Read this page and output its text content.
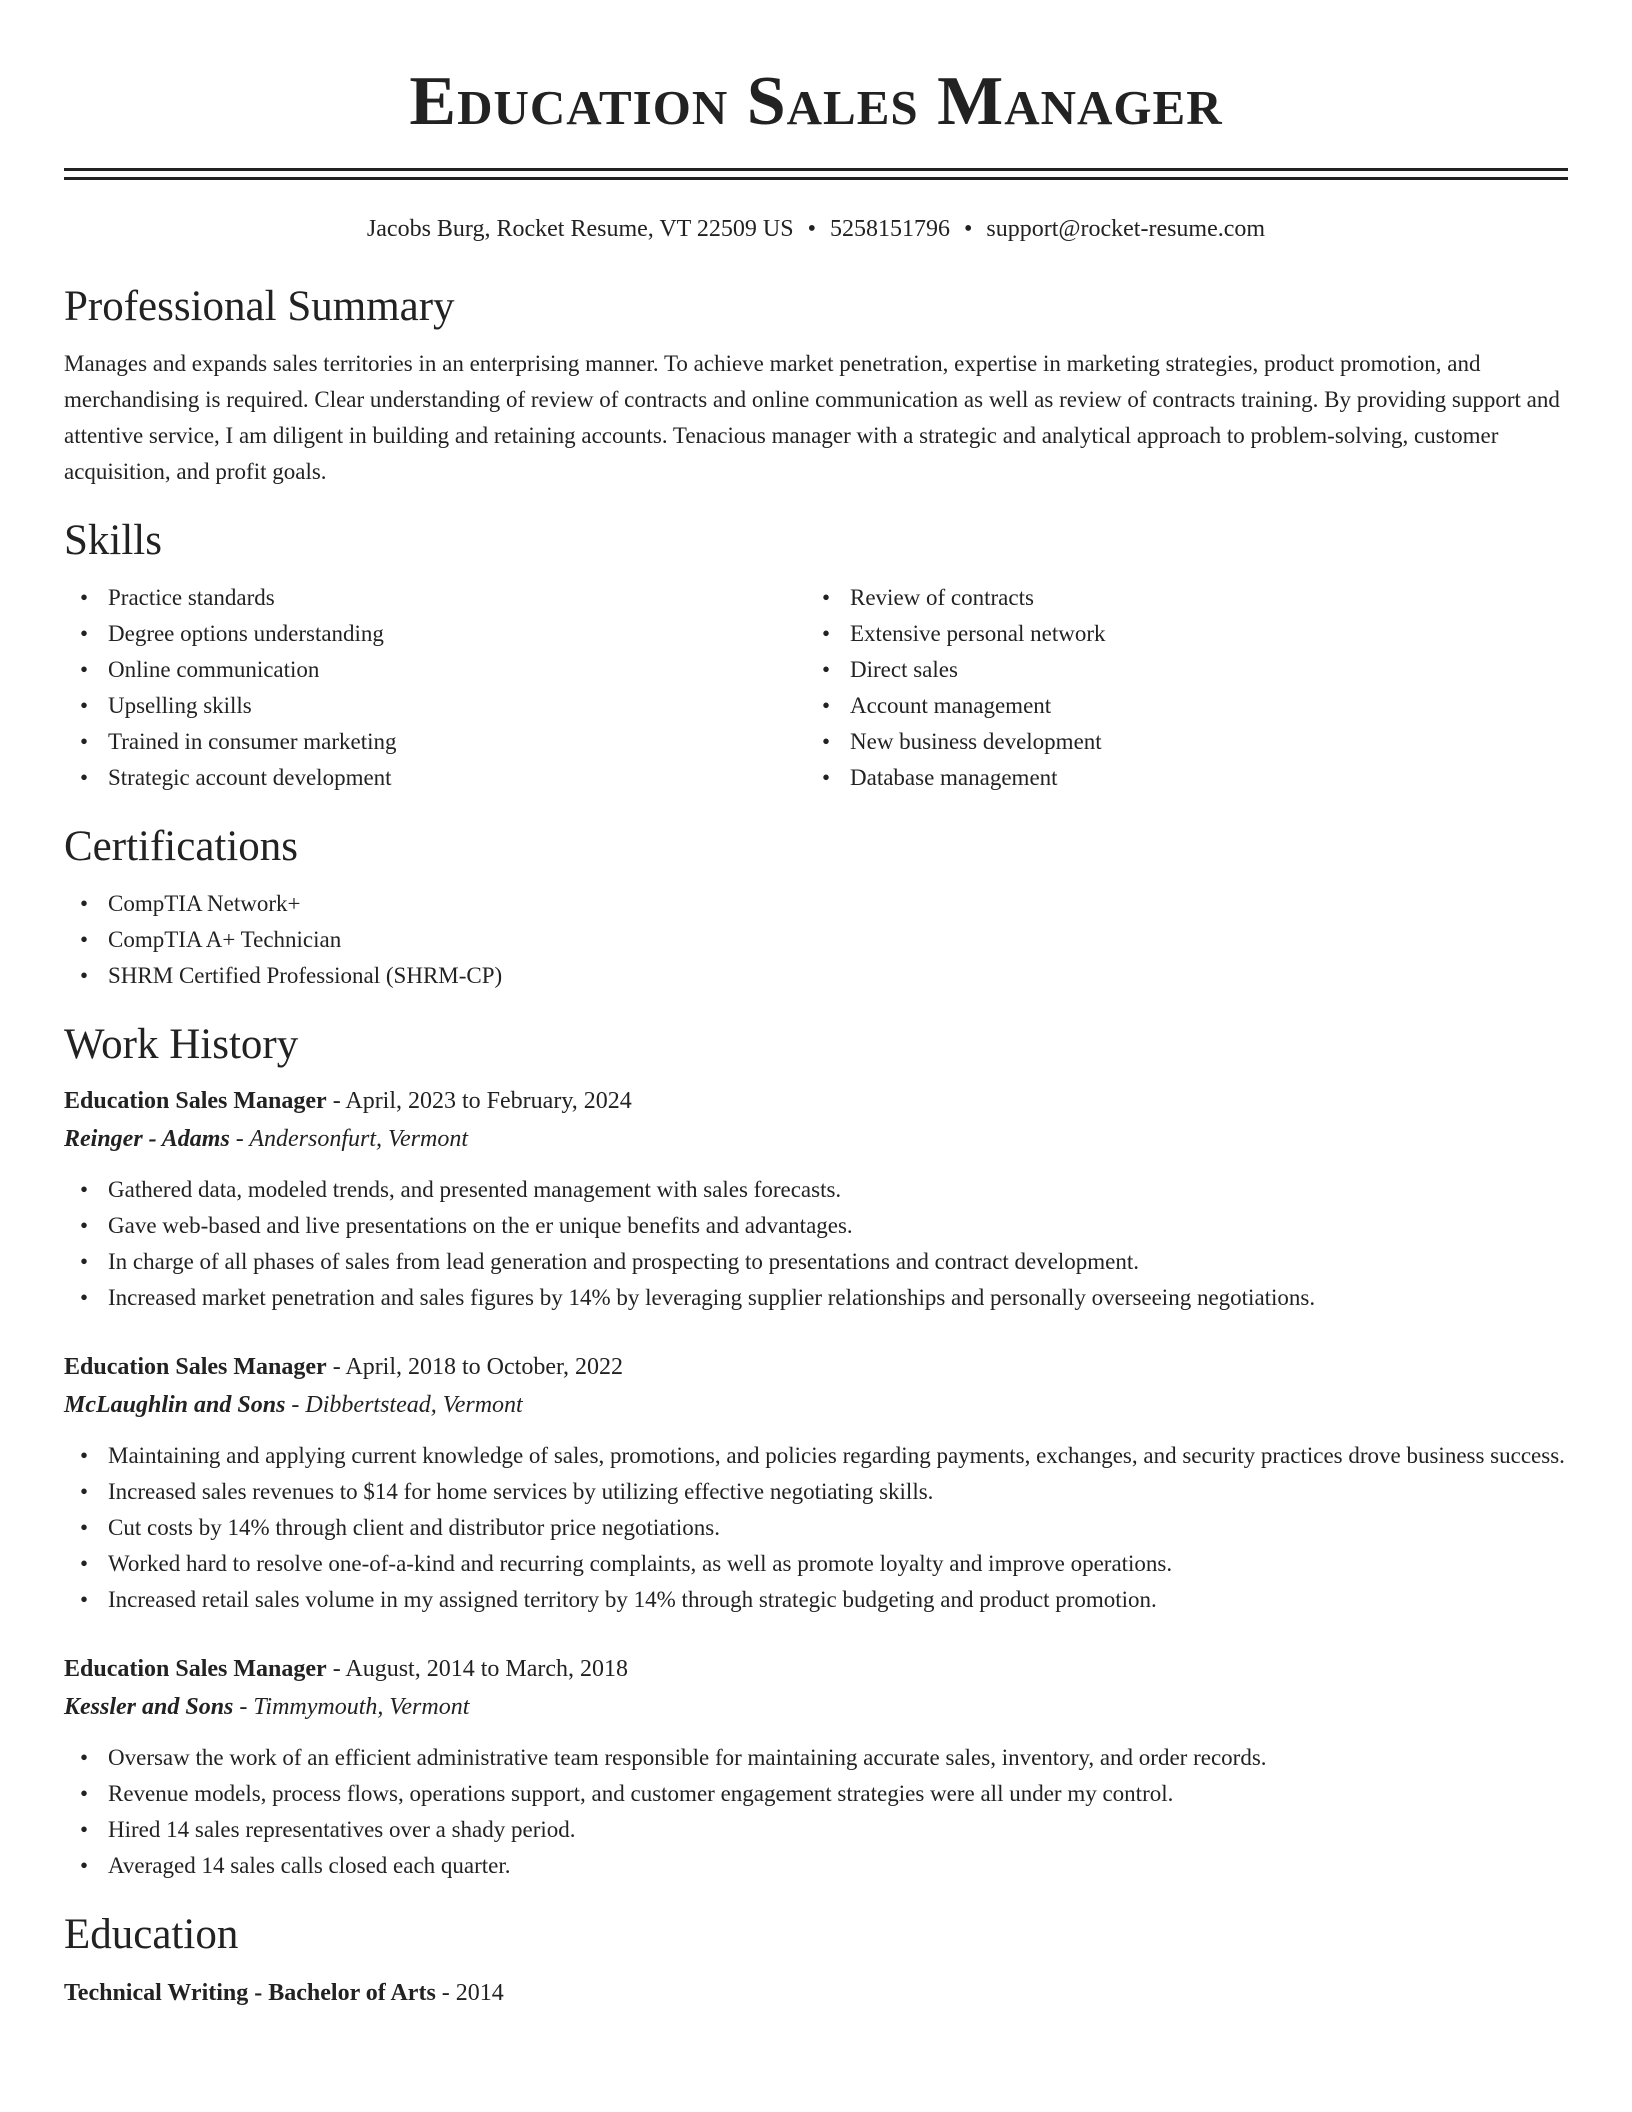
Education Sales Manager
Jacobs Burg, Rocket Resume, VT 22509 US • 5258151796 • support@rocket-resume.com
Professional Summary

Manages and expands sales territories in an enterprising manner. To achieve market penetration, expertise in marketing strategies, product promotion, and merchandising is required. Clear understanding of review of contracts and online communication as well as review of contracts training. By providing support and attentive service, I am diligent in building and retaining accounts. Tenacious manager with a strategic and analytical approach to problem-solving, customer acquisition, and profit goals.

Skills
• Practice standards
• Degree options understanding
• Online communication
• Upselling skills
• Trained in consumer marketing
• Strategic account development
• Review of contracts
• Extensive personal network
• Direct sales
• Account management
• New business development
• Database management
Certifications
• CompTIA Network+
• CompTIA A+ Technician
• SHRM Certified Professional (SHRM-CP)
Work History
Education Sales Manager - April, 2023 to February, 2024
Reinger - Adams - Andersonfurt, Vermont
• Gathered data, modeled trends, and presented management with sales forecasts.
• Gave web-based and live presentations on the er unique benefits and advantages.
• In charge of all phases of sales from lead generation and prospecting to presentations and contract development.
• Increased market penetration and sales figures by 14% by leveraging supplier relationships and personally overseeing negotiations.
Education Sales Manager - April, 2018 to October, 2022
McLaughlin and Sons - Dibbertstead, Vermont
• Maintaining and applying current knowledge of sales, promotions, and policies regarding payments, exchanges, and security practices drove business success.
• Increased sales revenues to $14 for home services by utilizing effective negotiating skills.
• Cut costs by 14% through client and distributor price negotiations.
• Worked hard to resolve one-of-a-kind and recurring complaints, as well as promote loyalty and improve operations.
• Increased retail sales volume in my assigned territory by 14% through strategic budgeting and product promotion.
Education Sales Manager - August, 2014 to March, 2018
Kessler and Sons - Timmymouth, Vermont
• Oversaw the work of an efficient administrative team responsible for maintaining accurate sales, inventory, and order records.
• Revenue models, process flows, operations support, and customer engagement strategies were all under my control.
• Hired 14 sales representatives over a shady period.
• Averaged 14 sales calls closed each quarter.
Education
Technical Writing - Bachelor of Arts - 2014
